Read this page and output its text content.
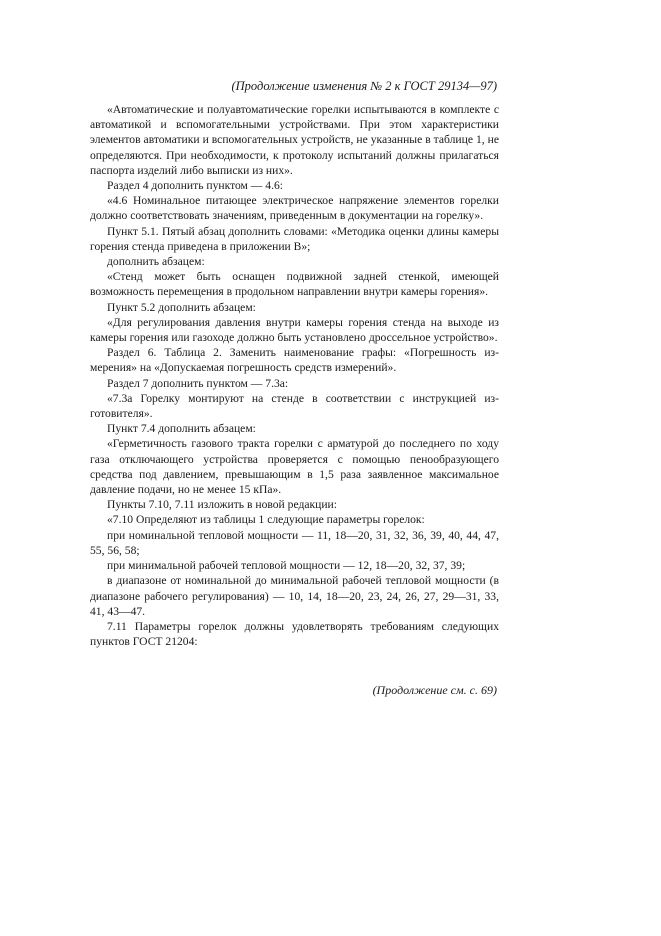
(Продолжение изменения № 2 к ГОСТ 29134—97)

«Автоматические и полуавтоматические горелки испытываются в комплекте с автоматикой и вспомогательными устройствами. При этом характеристики элементов автоматики и вспомогательных устройств, не указанные в таблице 1, не определяются. При необходимости, к протоколу испытаний должны прилагаться паспорта изделий либо выписки из них».

Раздел 4 дополнить пунктом — 4.6:

«4.6 Номинальное питающее электрическое напряжение элементов горелки должно соответствовать значениям, приведенным в документации на горелку».

Пункт 5.1. Пятый абзац дополнить словами: «Методика оценки длины камеры горения стенда приведена в приложении В»;

дополнить абзацем:

«Стенд может быть оснащен подвижной задней стенкой, имеющей возможность перемещения в продольном направлении внутри камеры горения».

Пункт 5.2 дополнить абзацем:

«Для регулирования давления внутри камеры горения стенда на выходе из камеры горения или газоходе должно быть установлено дроссельное устройство».

Раздел 6. Таблица 2. Заменить наименование графы: «Погрешность измерения» на «Допускаемая погрешность средств измерений».

Раздел 7 дополнить пунктом — 7.3а:

«7.3а Горелку монтируют на стенде в соответствии с инструкцией изготовителя».

Пункт 7.4 дополнить абзацем:

«Герметичность газового тракта горелки с арматурой до последнего по ходу газа отключающего устройства проверяется с помощью пенообразующего средства под давлением, превышающим в 1,5 раза заявленное максимальное давление подачи, но не менее 15 кПа».

Пункты 7.10, 7.11 изложить в новой редакции:

«7.10 Определяют из таблицы 1 следующие параметры горелок:

при номинальной тепловой мощности — 11, 18—20, 31, 32, 36, 39, 40, 44, 47, 55, 56, 58;

при минимальной рабочей тепловой мощности — 12, 18—20, 32, 37, 39;

в диапазоне от номинальной до минимальной рабочей тепловой мощности (в диапазоне рабочего регулирования) — 10, 14, 18—20, 23, 24, 26, 27, 29—31, 33, 41, 43—47.

7.11 Параметры горелок должны удовлетворять требованиям следующих пунктов ГОСТ 21204:

(Продолжение см. с. 69)
